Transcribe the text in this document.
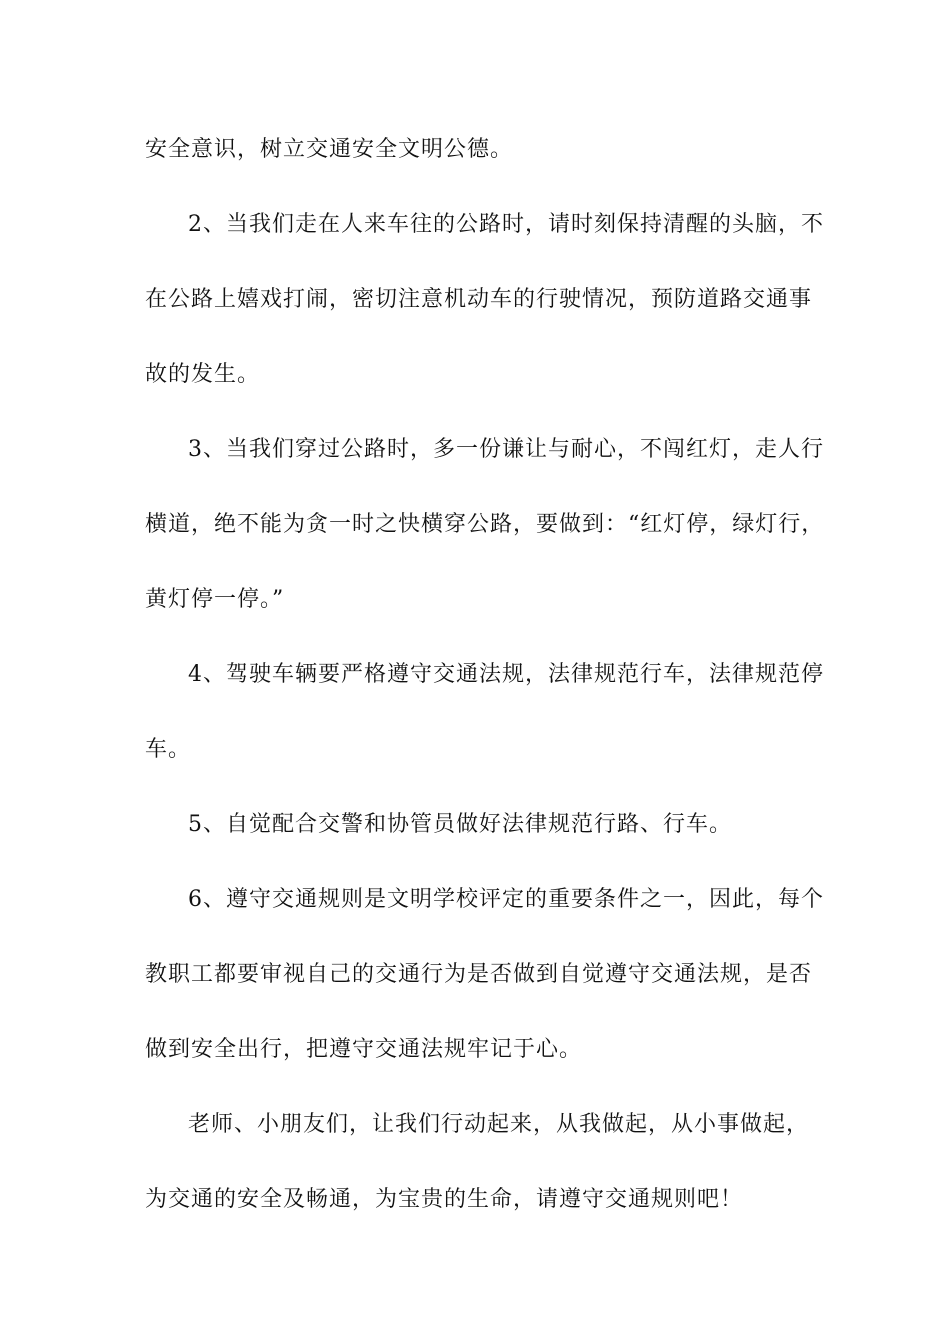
安全意识，树立交通安全文明公德。
2、当我们走在人来车往的公路时，请时刻保持清醒的头脑，不
在公路上嬉戏打闹，密切注意机动车的行驶情况，预防道路交通事
故的发生。
3、当我们穿过公路时，多一份谦让与耐心，不闯红灯，走人行
横道，绝不能为贪一时之快横穿公路，要做到：“红灯停，绿灯行，
黄灯停一停。”
4、驾驶车辆要严格遵守交通法规，法律规范行车，法律规范停
车。
5、自觉配合交警和协管员做好法律规范行路、行车。
6、遵守交通规则是文明学校评定的重要条件之一，因此，每个
教职工都要审视自己的交通行为是否做到自觉遵守交通法规，是否
做到安全出行，把遵守交通法规牢记于心。
老师、小朋友们，让我们行动起来，从我做起，从小事做起，
为交通的安全及畅通，为宝贵的生命，请遵守交通规则吧！
